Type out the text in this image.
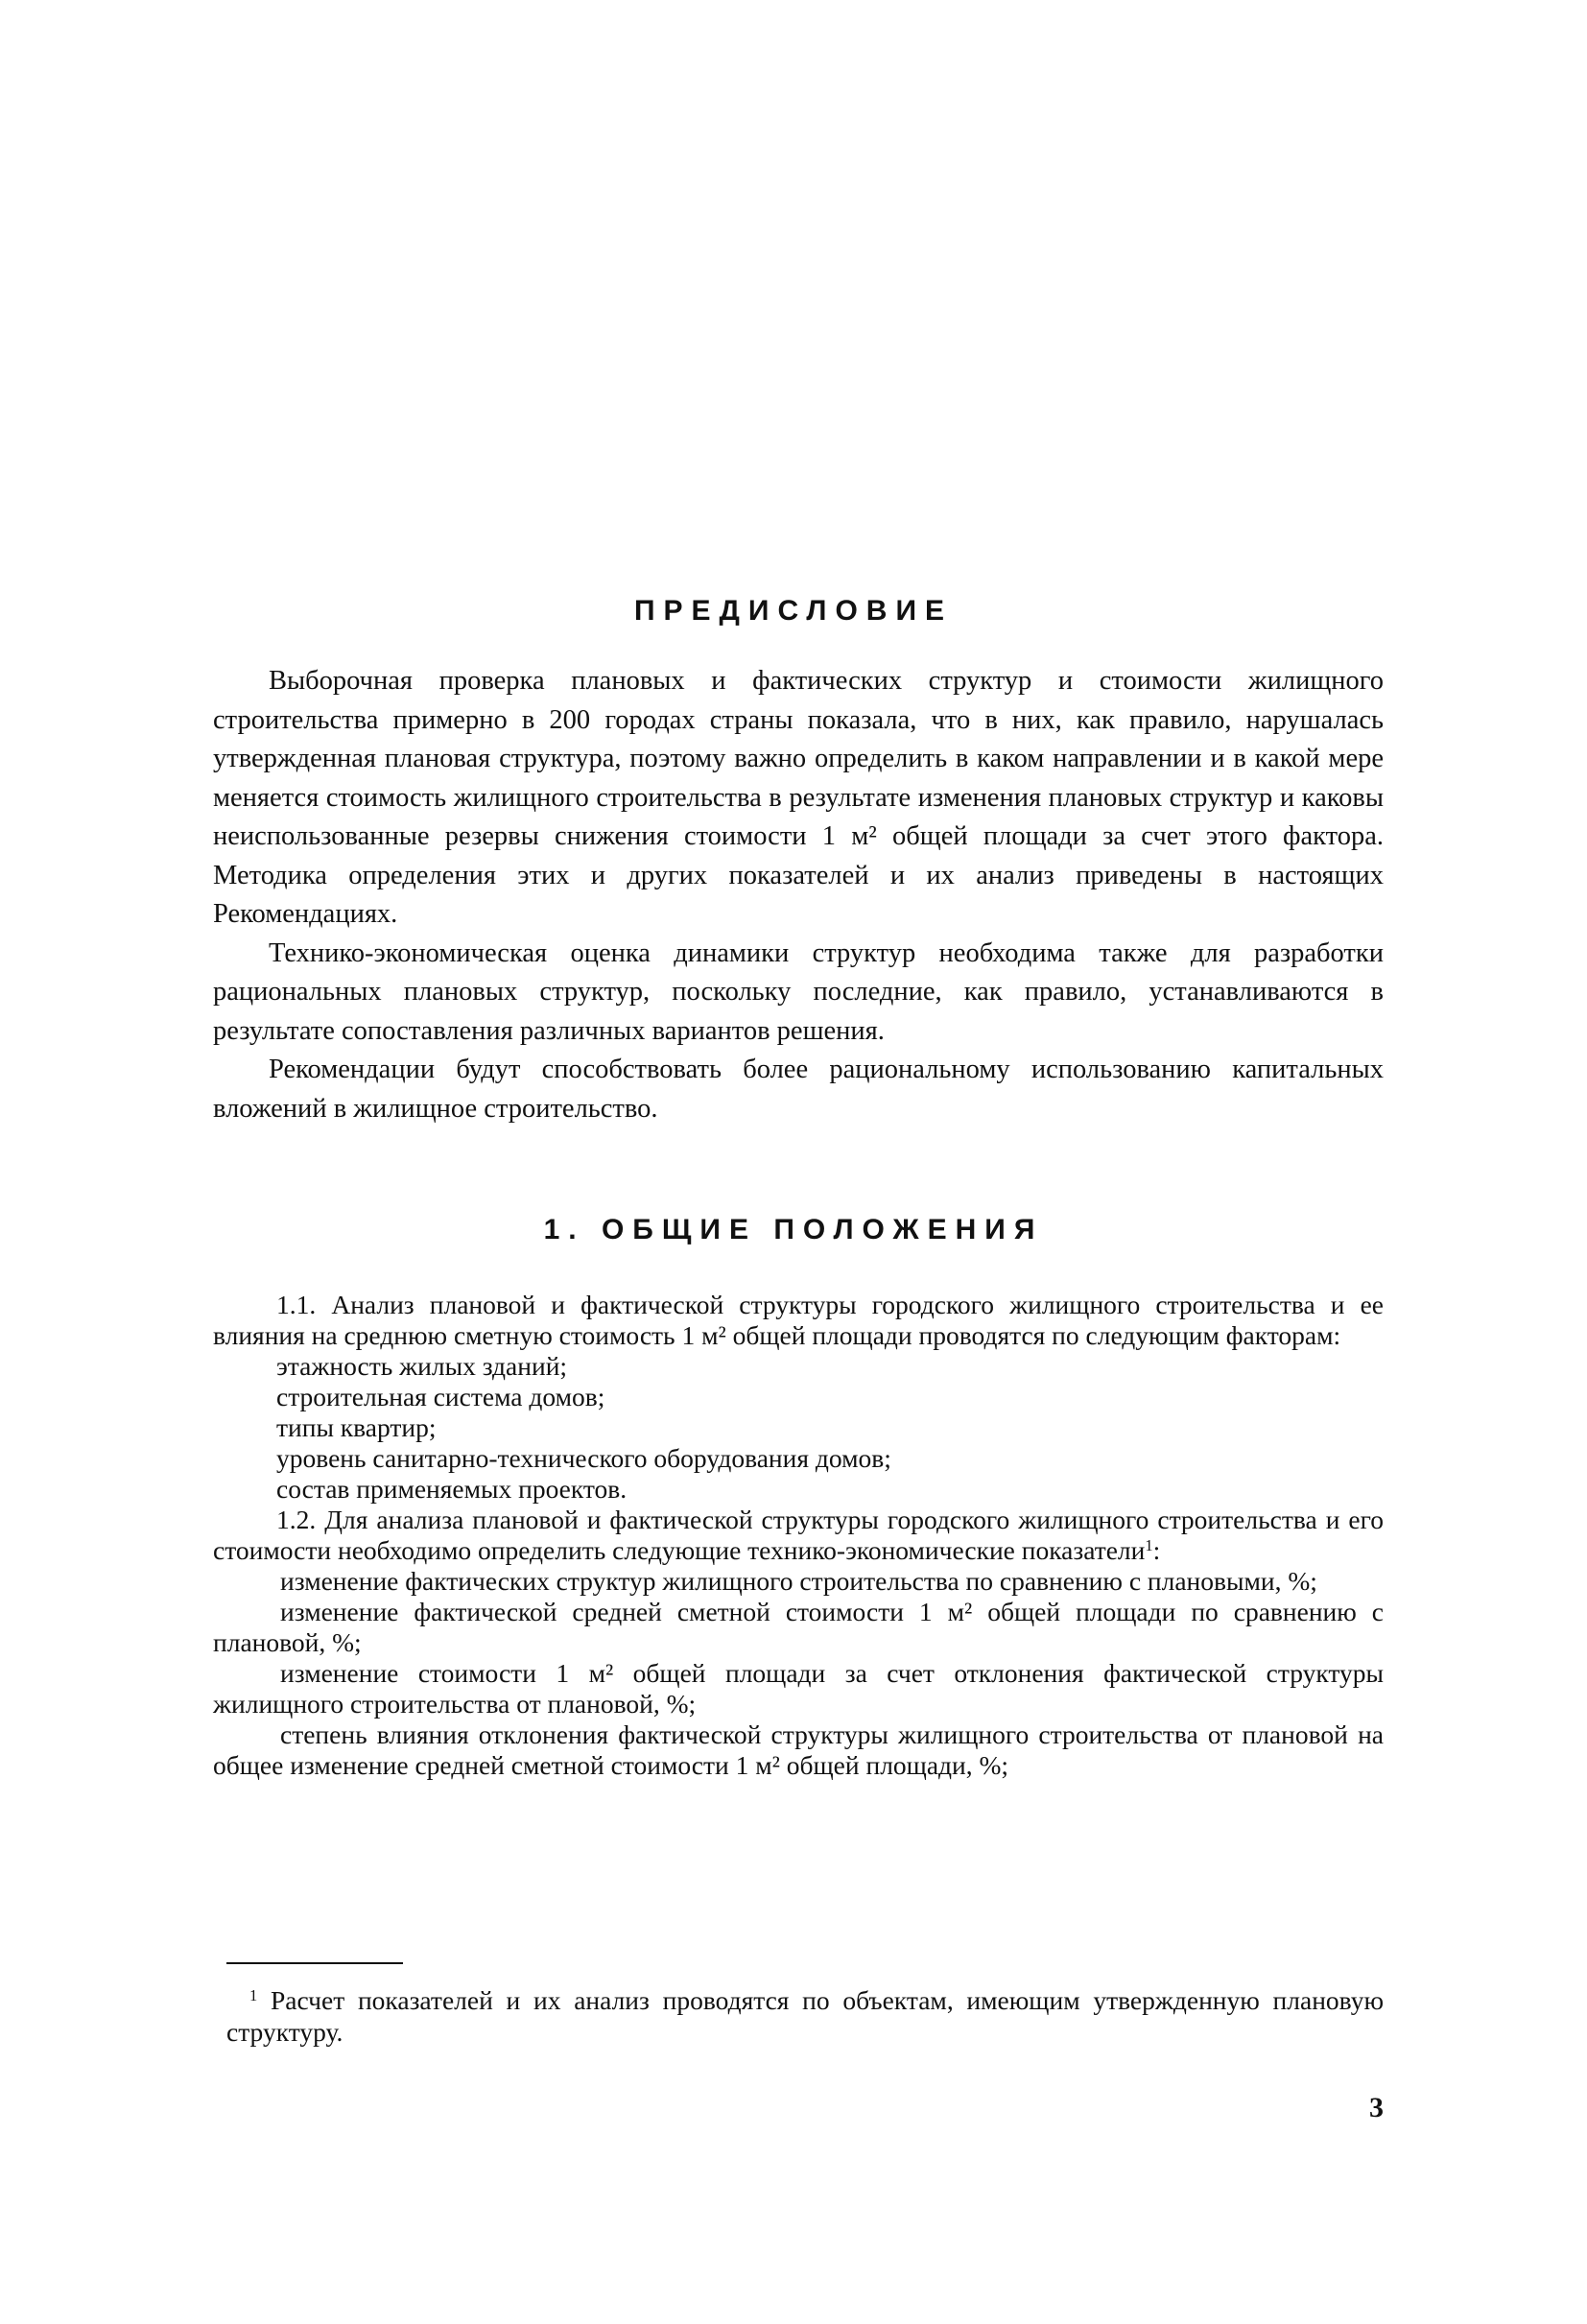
ПРЕДИСЛОВИЕ

Выборочная проверка плановых и фактических структур и стоимости жилищного строительства примерно в 200 городах страны показала, что в них, как правило, нарушалась утвержденная плановая структура, поэтому важно определить в каком направлении и в какой мере меняется стоимость жилищного строительства в результате изменения плановых структур и каковы неиспользованные резервы снижения стоимости 1 м² общей площади за счет этого фактора. Методика определения этих и других показателей и их анализ приведены в настоящих Рекомендациях.

Технико-экономическая оценка динамики структур необходима также для разработки рациональных плановых структур, поскольку последние, как правило, устанавливаются в результате сопоставления различных вариантов решения.

Рекомендации будут способствовать более рациональному использованию капитальных вложений в жилищное строительство.

1. ОБЩИЕ ПОЛОЖЕНИЯ

1.1. Анализ плановой и фактической структуры городского жилищного строительства и ее влияния на среднюю сметную стоимость 1 м² общей площади проводятся по следующим факторам:

этажность жилых зданий;

строительная система домов;

типы квартир;

уровень санитарно-технического оборудования домов;

состав применяемых проектов.

1.2. Для анализа плановой и фактической структуры городского жилищного строительства и его стоимости необходимо определить следующие технико-экономические показатели$^1$:

изменение фактических структур жилищного строительства по сравнению с плановыми, %;

изменение фактической средней сметной стоимости 1 м² общей площади по сравнению с плановой, %;

изменение стоимости 1 м² общей площади за счет отклонения фактической структуры жилищного строительства от плановой, %;

степень влияния отклонения фактической структуры жилищного строительства от плановой на общее изменение средней сметной стоимости 1 м² общей площади, %;

$^1$ Расчет показателей и их анализ проводятся по объектам, имеющим утвержденную плановую структуру.

3
